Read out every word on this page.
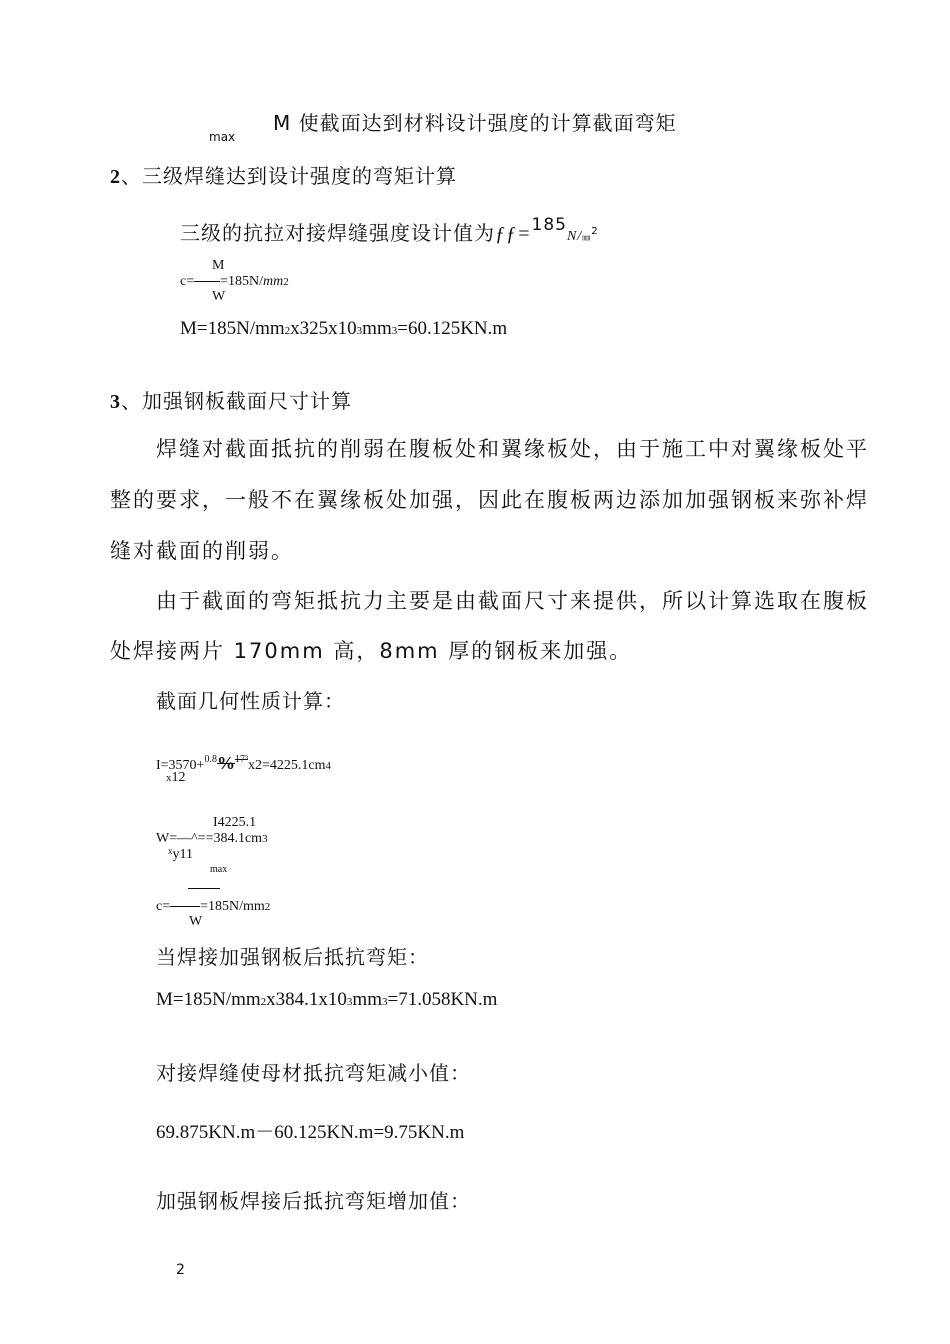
max
M 使截面达到材料设计强度的计算截面弯矩
2、三级焊缝达到设计强度的弯矩计算
三级的抗拉对接焊缝强度设计值为ƒƒ=$^{185}$N/㎜$^2$
M
c= =185N/mm2
W
M=185N/mm2x325x103mm3=60.125KN.m
3、加强钢板截面尺寸计算
焊缝对截面抵抗的削弱在腹板处和翼缘板处，由于施工中对翼缘板处平
整的要求，一般不在翼缘板处加强，因此在腹板两边添加加强钢板来弥补焊
缝对截面的削弱。
由于截面的弯矩抵抗力主要是由截面尺寸来提供，所以计算选取在腹板
处焊接两片 170mm 高，8mm 厚的钢板来加强。
截面几何性质计算：
I=3570+$^{0.8}$%$^{17^3}$x2=4225.1cm4
x12
I4225.1
W=—^==384.1cm3
$^x$y11
max
c= =185N/mm2
W
当焊接加强钢板后抵抗弯矩：
M=185N/mm2x384.1x103mm3=71.058KN.m
对接焊缝使母材抵抗弯矩减小值：
69.875KN.m－60.125KN.m=9.75KN.m
加强钢板焊接后抵抗弯矩增加值：
2
